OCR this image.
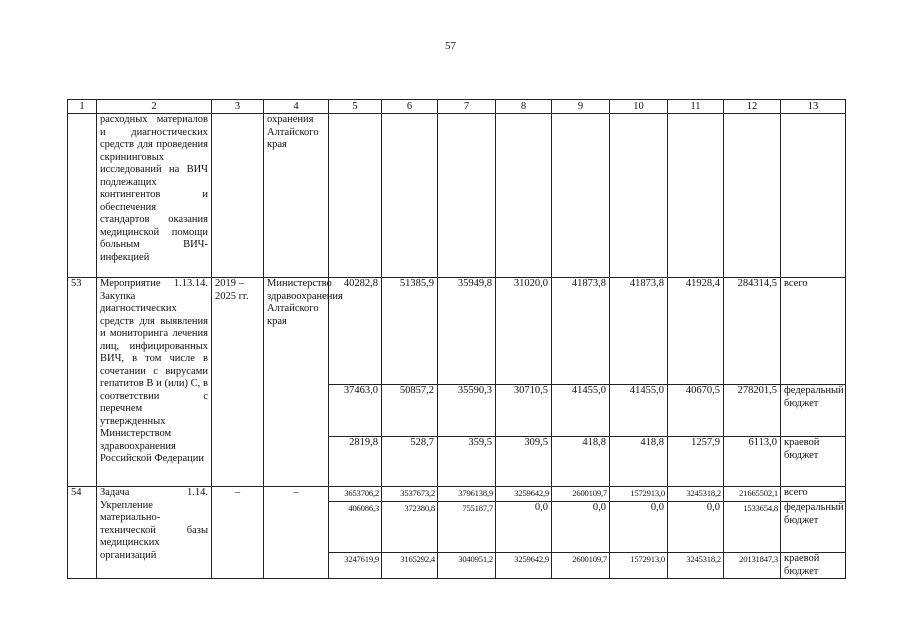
57
1	2	3	4	5	6	7	8	9	10	11	12	13
	расходных материалов и диагностических средств для проведения скрининговых исследований на ВИЧ подлежащих контингентов и обеспечения стандартов оказания медицинской помощи больным ВИЧ-инфекцией		охранения Алтайского края									
53	Мероприятие 1.13.14. Закупка диагностических средств для выявления и мониторинга лечения лиц, инфицированных ВИЧ, в том числе в сочетании с вирусами гепатитов B и (или) C, в соответствии с перечнем утвержденных Министерством здравоохранения Российской Федерации	2019 – 2025 гг.	Министерство здравоохранения Алтайского края	40282,8	51385,9	35949,8	31020,0	41873,8	41873,8	41928,4	284314,5	всего
				37463,0	50857,2	35590,3	30710,5	41455,0	41455,0	40670,5	278201,5	федеральный бюджет
				2819,8	528,7	359,5	309,5	418,8	418,8	1257,9	6113,0	краевой бюджет
54	Задача 1.14. Укрепление материально-технической базы медицинских организаций	–	–	3653706,2	3537673,2	3796138,9	3259642,9	2600109,7	1572913,0	3245318,2	21665502,1	всего
				406086,3	372380,8	755187,7	0,0	0,0	0,0	0,0	1533654,8	федеральный бюджет
				3247619,9	3165292,4	3040951,2	3259642,9	2600109,7	1572913,0	3245318,2	20131847,3	краевой бюджет
